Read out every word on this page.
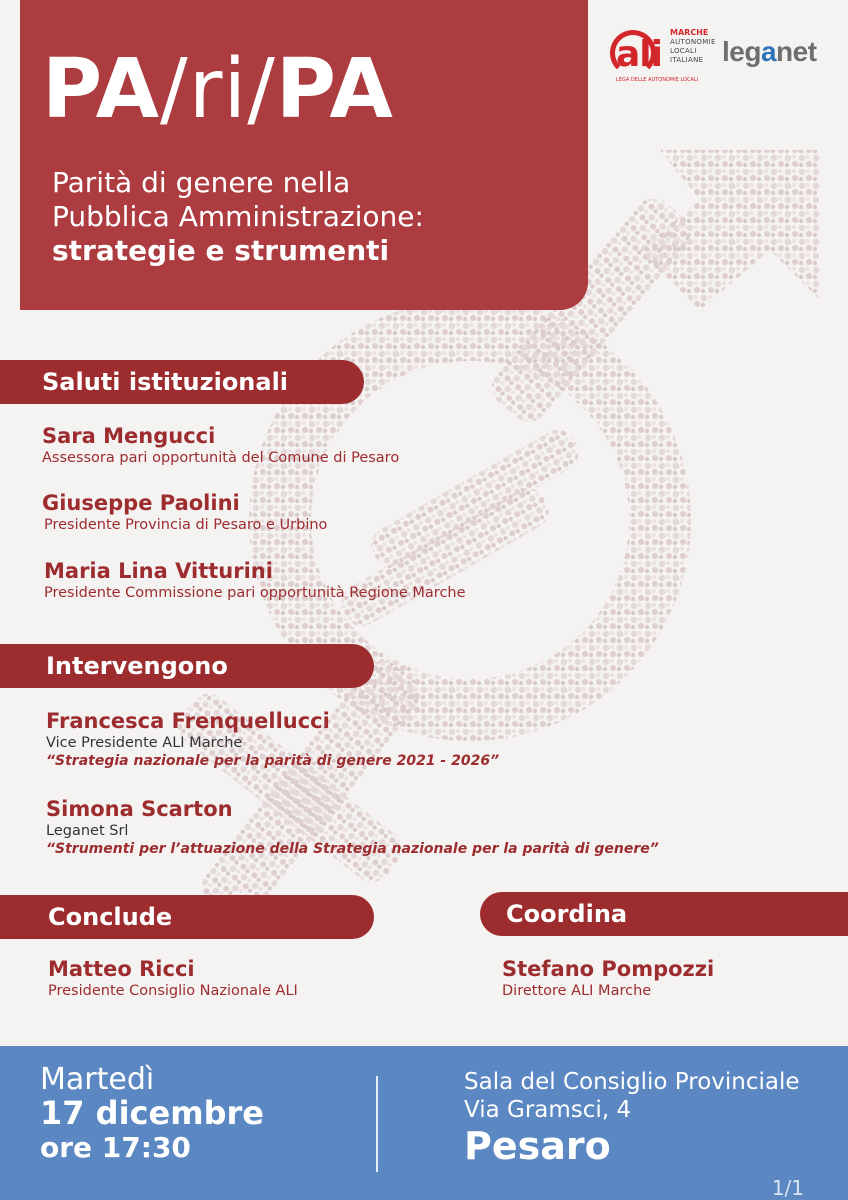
PA/ri/PA
Parità di genere nella
Pubblica Amministrazione:
strategie e strumenti
ali
MARCHE
AUTONOMIE LOCALI ITALIANE
LEGA DELLE AUTONOMIE LOCALI
leganet
Saluti istituzionali
Sara Mengucci
Assessora pari opportunità del Comune di Pesaro
Giuseppe Paolini
Presidente Provincia di Pesaro e Urbino
Maria Lina Vitturini
Presidente Commissione pari opportunità Regione Marche
Intervengono
Francesca Frenquellucci
Vice Presidente ALI Marche
“Strategia nazionale per la parità di genere 2021 - 2026”
Simona Scarton
Leganet Srl
“Strumenti per l’attuazione della Strategia nazionale per la parità di genere”
Conclude	Coordina
Matteo Ricci
Presidente Consiglio Nazionale ALI
Stefano Pompozzi
Direttore ALI Marche
Martedì
17 dicembre
ore 17:30
Sala del Consiglio Provinciale
Via Gramsci, 4
Pesaro
1/1
